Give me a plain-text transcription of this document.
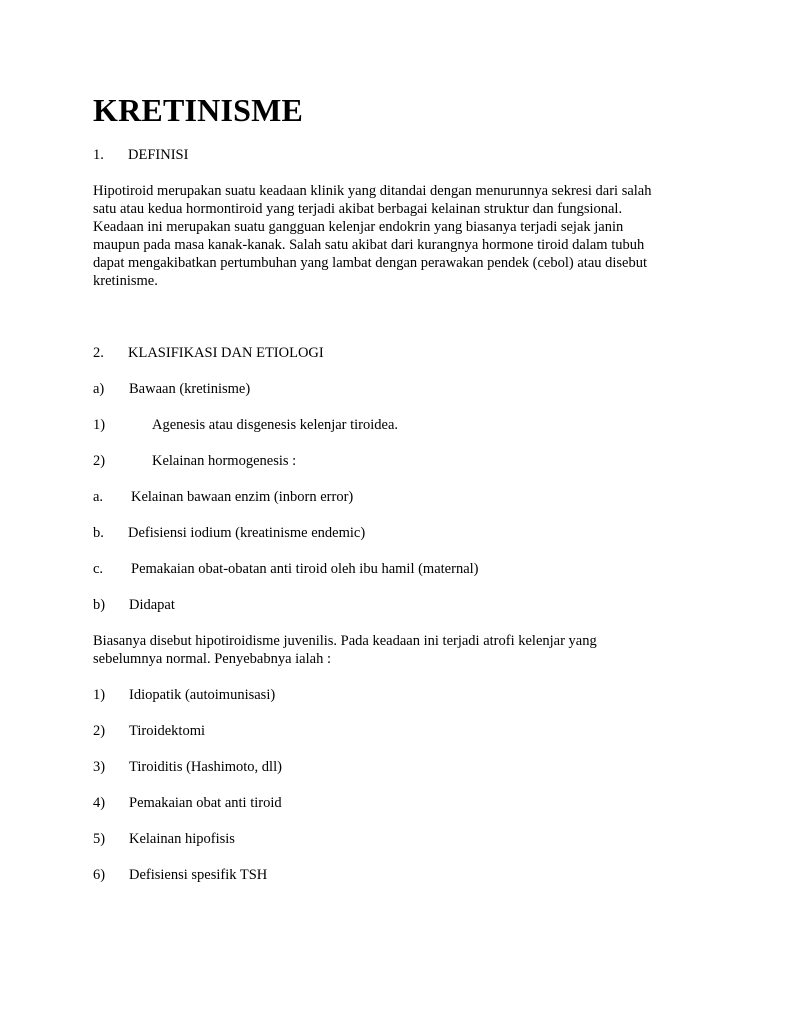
KRETINISME
1. DEFINISI

Hipotiroid merupakan suatu keadaan klinik yang ditandai dengan menurunnya sekresi dari salah
satu atau kedua hormontiroid yang terjadi akibat berbagai kelainan struktur dan fungsional.
Keadaan ini merupakan suatu gangguan kelenjar endokrin yang biasanya terjadi sejak janin
maupun pada masa kanak-kanak. Salah satu akibat dari kurangnya hormone tiroid dalam tubuh
dapat mengakibatkan pertumbuhan yang lambat dengan perawakan pendek (cebol) atau disebut
kretinisme.

2. KLASIFIKASI DAN ETIOLOGI
a) Bawaan (kretinisme)
1)	Agenesis atau disgenesis kelenjar tiroidea.
2)	Kelainan hormogenesis :
a. Kelainan bawaan enzim (inborn error)
b. Defisiensi iodium (kreatinisme endemic)
c. Pemakaian obat-obatan anti tiroid oleh ibu hamil (maternal)
b) Didapat

Biasanya disebut hipotiroidisme juvenilis. Pada keadaan ini terjadi atrofi kelenjar yang
sebelumnya normal. Penyebabnya ialah :

1) Idiopatik (autoimunisasi)
2) Tiroidektomi
3) Tiroiditis (Hashimoto, dll)
4) Pemakaian obat anti tiroid
5) Kelainan hipofisis
6) Defisiensi spesifik TSH
